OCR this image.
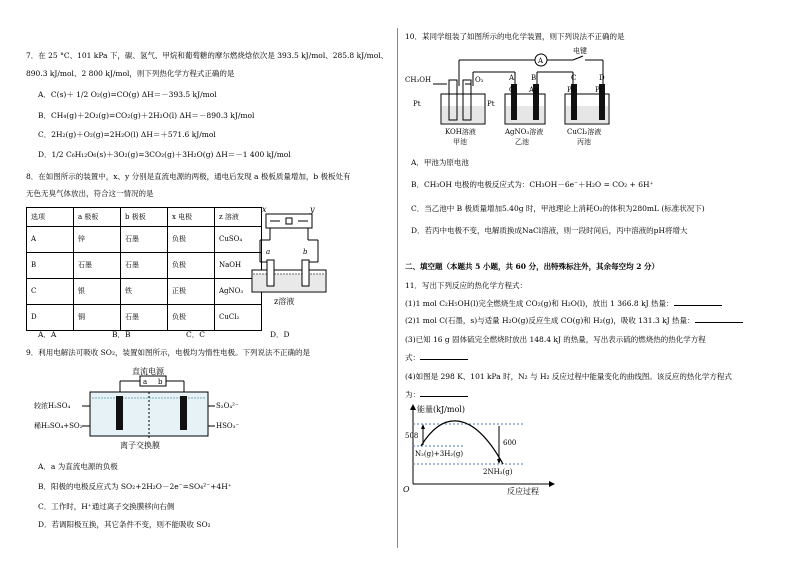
7．在 25 °C、101 kPa 下，碳、氢气、甲烷和葡萄糖的摩尔燃烧焓依次是 393.5 kJ/mol、285.8 kJ/mol、
890.3 kJ/mol、2 800 kJ/mol，则下列热化学方程式正确的是
A．C(s)＋ 1/2 O₂(g)=CO(g) ΔH＝－393.5 kJ/mol
B．CH₄(g)＋2O₂(g)=CO₂(g)＋2H₂O(l) ΔH＝－890.3 kJ/mol
C．2H₂(g)＋O₂(g)=2H₂O(l) ΔH＝＋571.6 kJ/mol
D．1/2 C₆H₁₂O₆(s)＋3O₂(g)=3CO₂(g)＋3H₂O(g) ΔH＝－1 400 kJ/mol
8．在如图所示的装置中，x、y 分别是直流电源的两极，通电后发现 a 极板质量增加，b 极板处有
无色无臭气体放出，符合这一情况的是
选项	a 极板	b 极板	x 电极	z 溶液
A	锌	石墨	负极	CuSO₄
B	石墨	石墨	负极	NaOH
C	银	铁	正极	AgNO₃
D	铜	石墨	负极	CuCl₂
x	y
a	b
z溶液
A．A	B．B	C．C	D．D
9．利用电解法可吸收 SO₂，装置如图所示，电极均为惰性电极。下列说法不正确的是
直流电源
a b
较浓H₂SO₄
稀H₂SO₄+SO₂
S₂O₄²⁻
HSO₃⁻
离子交换膜
A．a 为直流电源的负极
B．阳极的电极反应式为 SO₂+2H₂O－2e⁻=SO₄²⁻+4H⁺
C．工作时，H⁺通过离子交换膜移向右侧
D．若调阳极互换，其它条件不变，则不能吸收 SO₂
10．某同学组装了如图所示的电化学装置，则下列说法不正确的是
A
电键
CH₃OH	O₂	A B	C	D
Pt	Pt
C Ag	Pt	Pt
KOH溶液
甲池
AgNO₃溶液
乙池
CuCl₂溶液
丙池
A．甲池为原电池
B．CH₃OH 电极的电极反应式为：CH₃OH－6e⁻＋H₂O = CO₂ + 6H⁺
C．当乙池中 B 极质量增加5.40g 时，甲池理论上消耗O₂的体积为280mL (标准状况下)
D．若丙中电极不变，电解质换成NaCl溶液，则一段时间后，丙中溶液的pH将增大
二、填空题（本题共 5 小题，共 60 分，出特殊标注外，其余每空均 2 分）
11．写出下列反应的热化学方程式：
(1)1 mol C₂H₅OH(l)完全燃烧生成 CO₂(g)和 H₂O(l)，放出 1 366.8 kJ 热量：
(2)1 mol C(石墨，s)与适量 H₂O(g)反应生成 CO(g)和 H₂(g)，吸收 131.3 kJ 热量：
(3)已知 16 g 固体硫完全燃烧时放出 148.4 kJ 的热量，写出表示硫的燃烧热的热化学方程
式：
(4)如图是 298 K、101 kPa 时，N₂ 与 H₂ 反应过程中能量变化的曲线图。该反应的热化学方程式
为：
能量(kJ/mol)
反应过程
O
508
600
N₂(g)+3H₂(g)
2NH₃(g)
